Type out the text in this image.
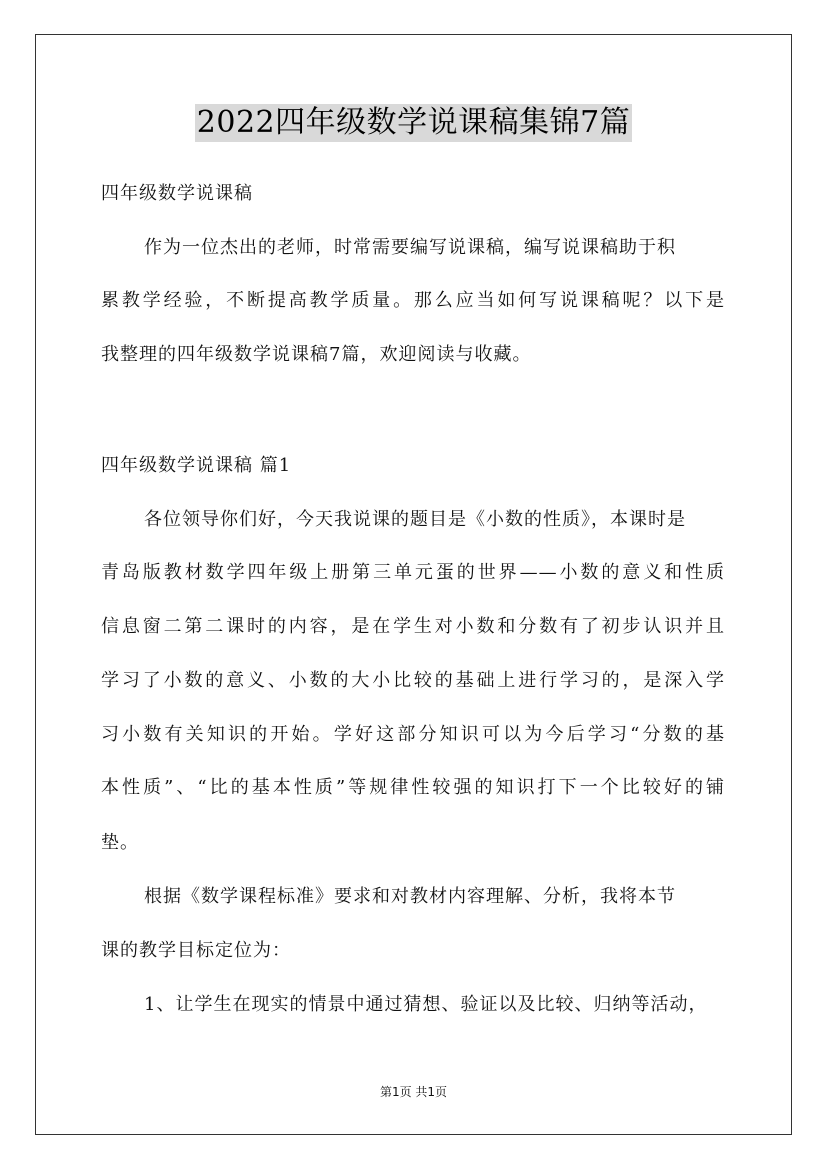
2022四年级数学说课稿集锦7篇
四年级数学说课稿
作为一位杰出的老师，时常需要编写说课稿，编写说课稿助于积
累教学经验，不断提高教学质量。那么应当如何写说课稿呢？以下是
我整理的四年级数学说课稿7篇，欢迎阅读与收藏。
四年级数学说课稿 篇1
各位领导你们好，今天我说课的题目是《小数的性质》，本课时是
青岛版教材数学四年级上册第三单元蛋的世界——小数的意义和性质
信息窗二第二课时的内容，是在学生对小数和分数有了初步认识并且
学习了小数的意义、小数的大小比较的基础上进行学习的，是深入学
习小数有关知识的开始。学好这部分知识可以为今后学习“分数的基
本性质”、“比的基本性质”等规律性较强的知识打下一个比较好的铺
垫。
根据《数学课程标准》要求和对教材内容理解、分析，我将本节
课的教学目标定位为：
1、让学生在现实的情景中通过猜想、验证以及比较、归纳等活动，
第1页 共1页
